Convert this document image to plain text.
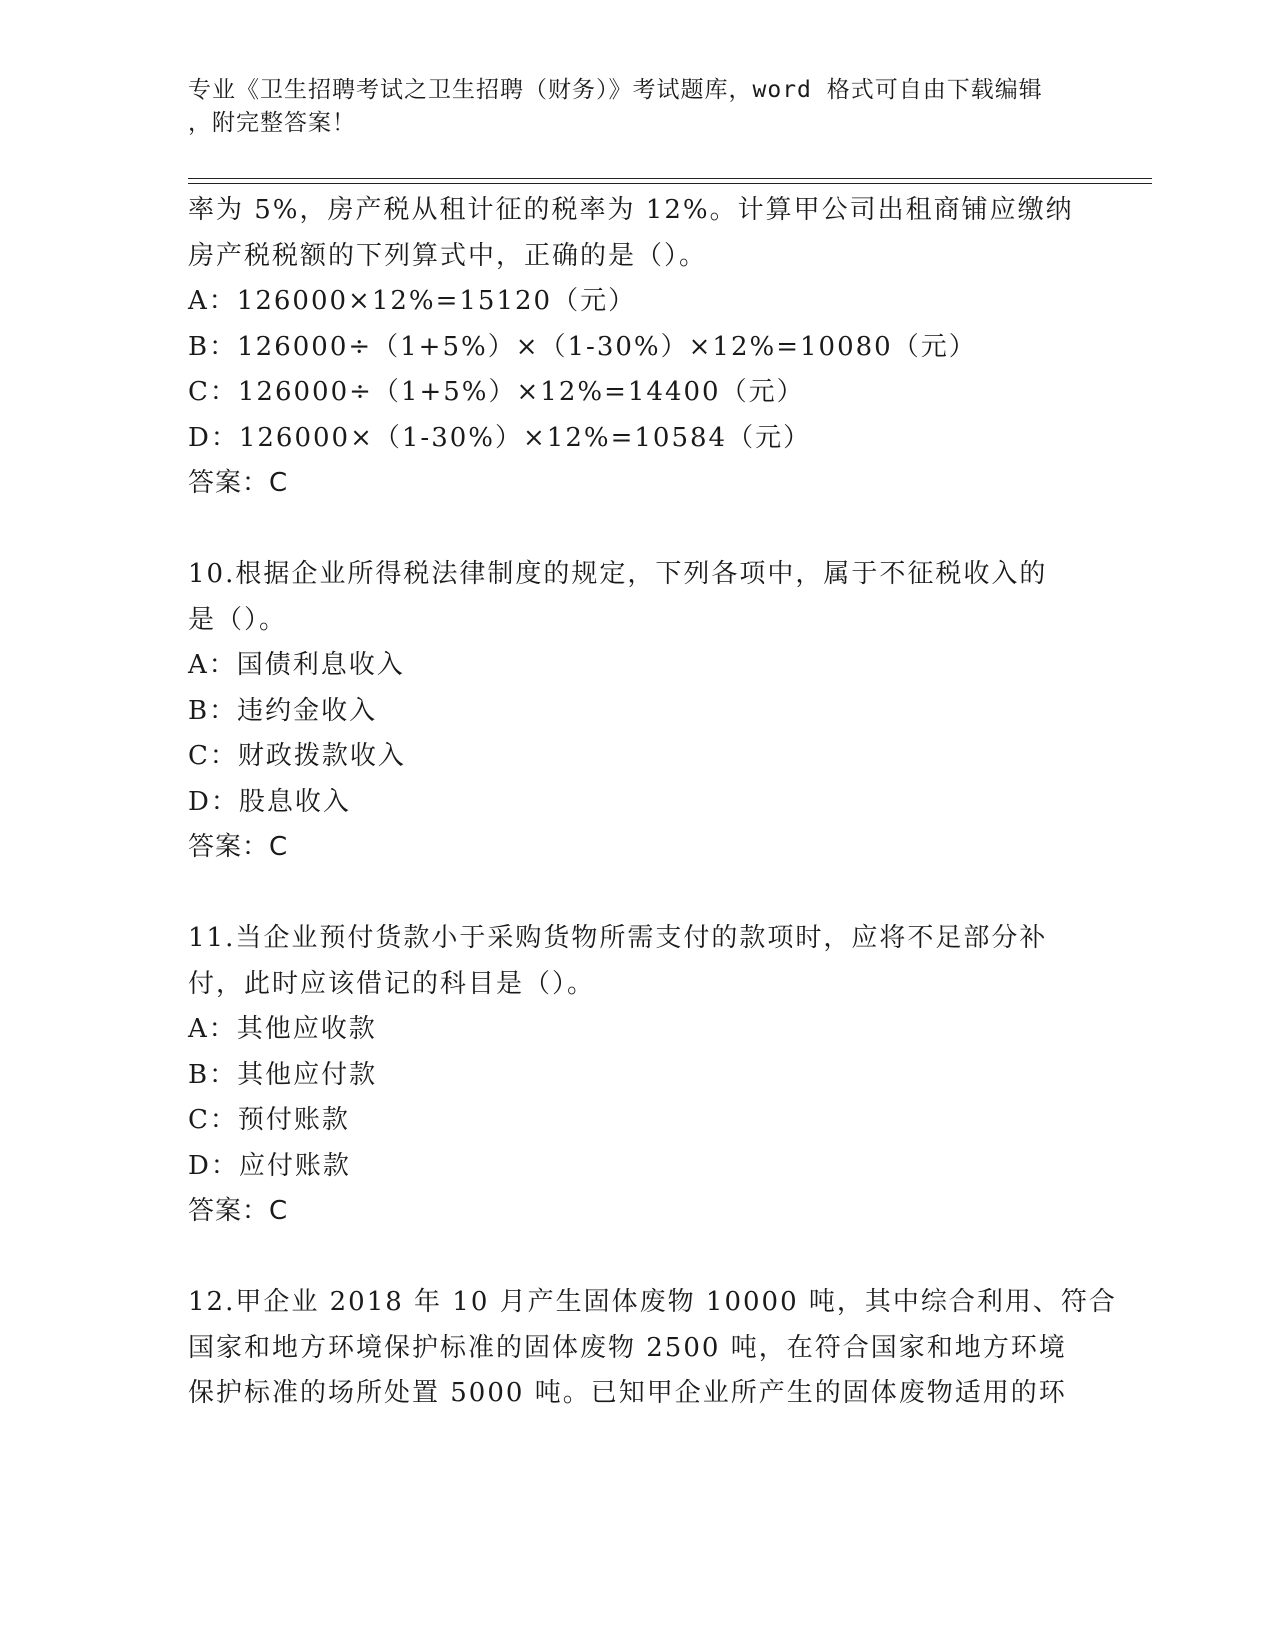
专业《卫生招聘考试之卫生招聘（财务）》考试题库，word 格式可自由下载编辑
，附完整答案！
率为 5%，房产税从租计征的税率为 12%。计算甲公司出租商铺应缴纳
房产税税额的下列算式中，正确的是（）。
A：126000×12%=15120（元）
B：126000÷（1+5%）×（1-30%）×12%=10080（元）
C：126000÷（1+5%）×12%=14400（元）
D：126000×（1-30%）×12%=10584（元）
答案：C
10.根据企业所得税法律制度的规定，下列各项中，属于不征税收入的
是（）。
A：国债利息收入
B：违约金收入
C：财政拨款收入
D：股息收入
答案：C
11.当企业预付货款小于采购货物所需支付的款项时，应将不足部分补
付，此时应该借记的科目是（）。
A：其他应收款
B：其他应付款
C：预付账款
D：应付账款
答案：C
12.甲企业 2018 年 10 月产生固体废物 10000 吨，其中综合利用、符合
国家和地方环境保护标准的固体废物 2500 吨，在符合国家和地方环境
保护标准的场所处置 5000 吨。已知甲企业所产生的固体废物适用的环
